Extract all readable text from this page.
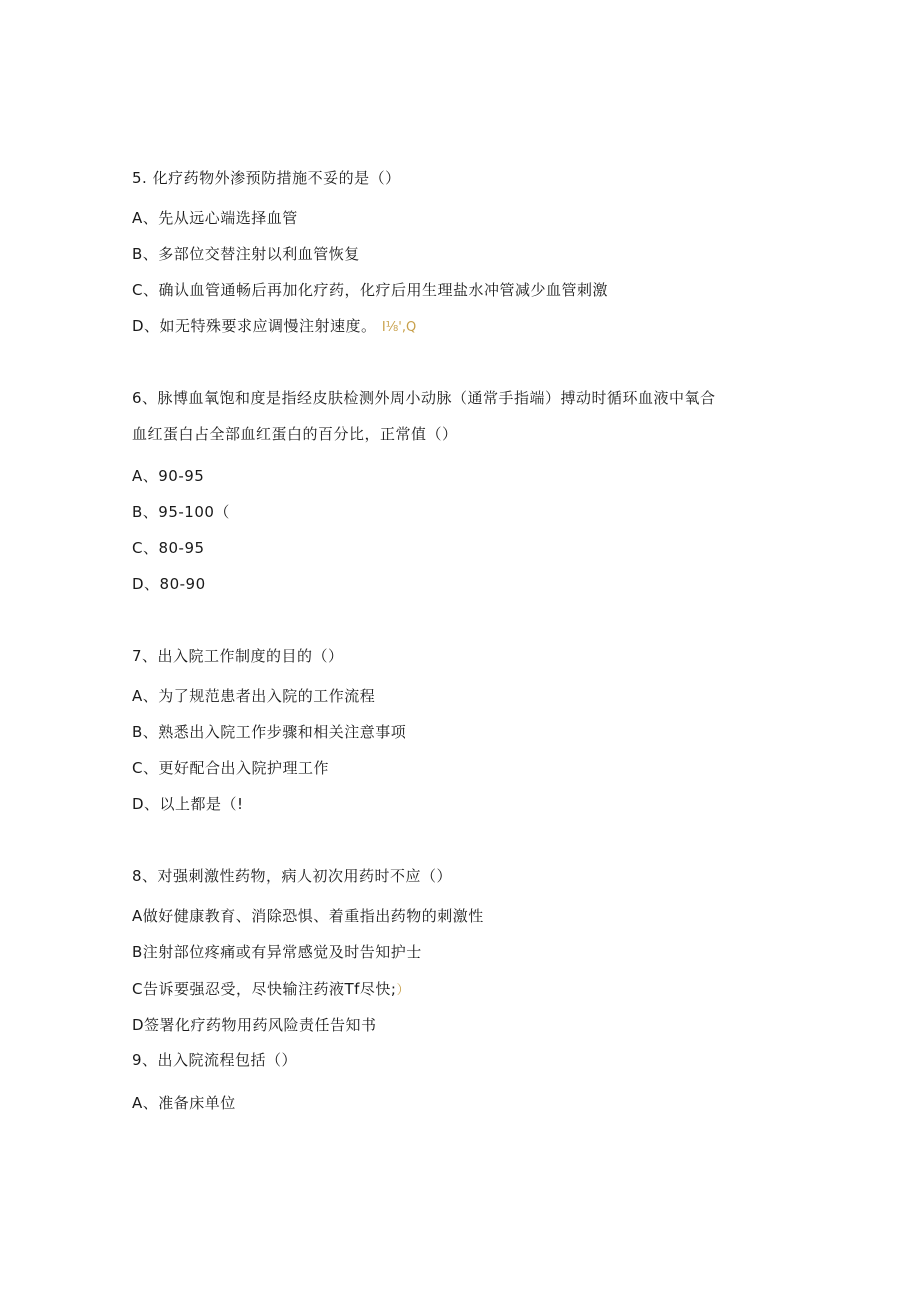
5. 化疗药物外渗预防措施不妥的是（）
A、先从远心端选择血管
B、多部位交替注射以利血管恢复
C、确认血管通畅后再加化疗药，化疗后用生理盐水冲管减少血管刺激
D、如无特殊要求应调慢注射速度。 I⅛',Q
6、脉博血氧饱和度是指经皮肤检测外周小动脉（通常手指端）搏动时循环血液中氧合
血红蛋白占全部血红蛋白的百分比，正常值（）
A、90-95
B、95-100（
C、80-95
D、80-90
7、出入院工作制度的目的（）
A、为了规范患者出入院的工作流程
B、熟悉出入院工作步骤和相关注意事项
C、更好配合出入院护理工作
D、以上都是（!
8、对强刺激性药物，病人初次用药时不应（）
A做好健康教育、消除恐惧、着重指出药物的刺激性
B注射部位疼痛或有异常感觉及时告知护士
C告诉要强忍受，尽快输注药液Tf尽快;）
D签署化疗药物用药风险责任告知书
9、出入院流程包括（）
A、准备床单位
